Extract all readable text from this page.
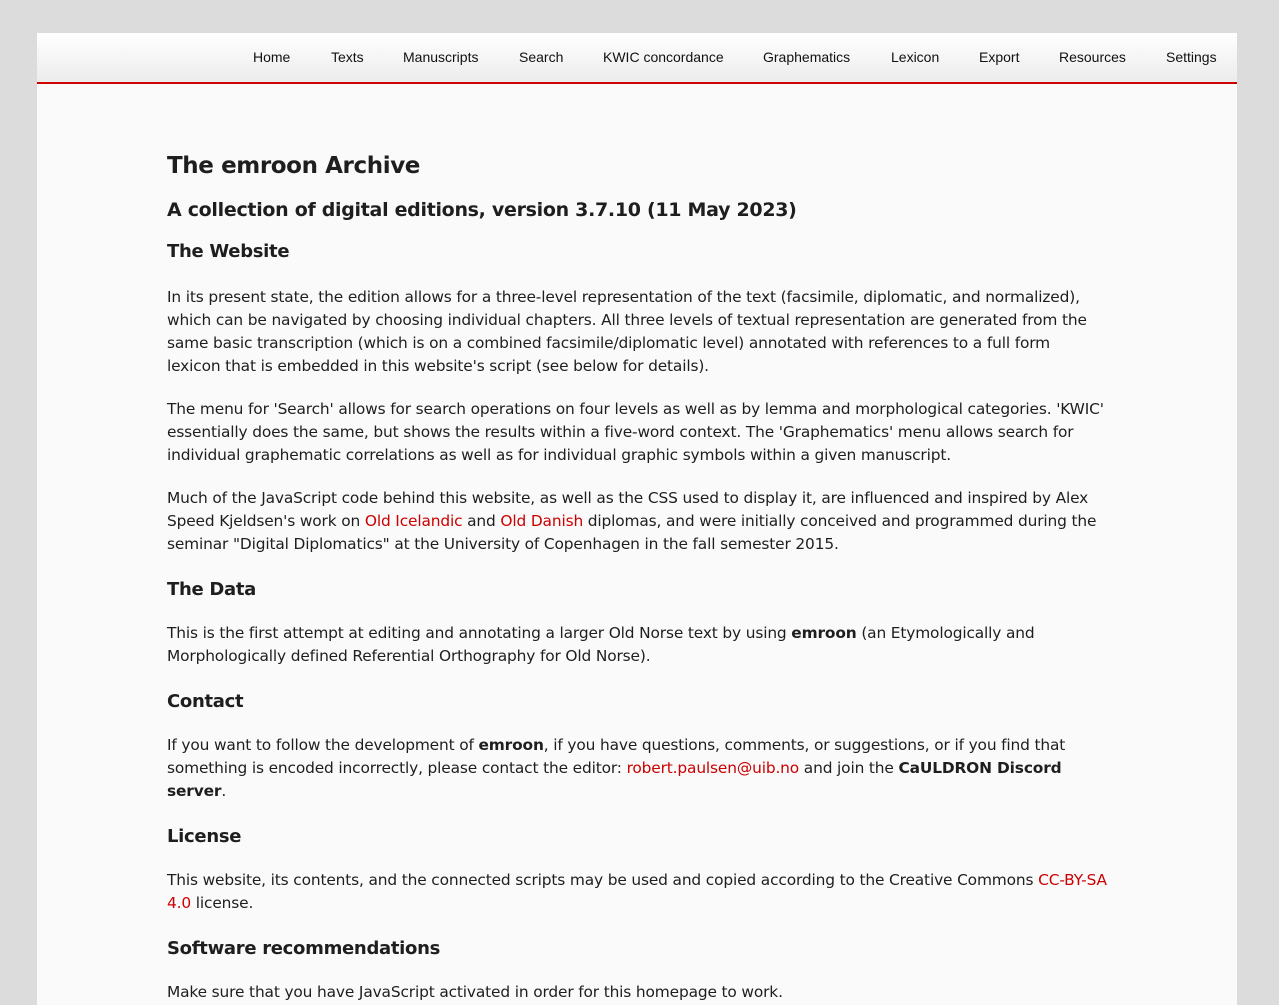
Home	Texts	Manuscripts	Search	KWIC concordance	Graphematics	Lexicon	Export	Resources	Settings
The emroon Archive
A collection of digital editions, version 3.7.10 (11 May 2023)
The Website

In its present state, the edition allows for a three-level representation of the text (facsimile, diplomatic, and normalized), which can be navigated by choosing individual chapters. All three levels of textual representation are generated from the same basic transcription (which is on a combined facsimile/diplomatic level) annotated with references to a full form lexicon that is embedded in this website's script (see below for details).

The menu for 'Search' allows for search operations on four levels as well as by lemma and morphological categories. 'KWIC' essentially does the same, but shows the results within a five-word context. The 'Graphematics' menu allows search for individual graphematic correlations as well as for individual graphic symbols within a given manuscript.

Much of the JavaScript code behind this website, as well as the CSS used to display it, are influenced and inspired by Alex Speed Kjeldsen's work on Old Icelandic and Old Danish diplomas, and were initially conceived and programmed during the seminar "Digital Diplomatics" at the University of Copenhagen in the fall semester 2015.

The Data

This is the first attempt at editing and annotating a larger Old Norse text by using emroon (an Etymologically and Morphologically defined Referential Orthography for Old Norse).

Contact

If you want to follow the development of emroon, if you have questions, comments, or suggestions, or if you find that something is encoded incorrectly, please contact the editor: robert.paulsen@uib.no and join the CaULDRON Discord server.

License

This website, its contents, and the connected scripts may be used and copied according to the Creative Commons CC-BY-SA 4.0 license.

Software recommendations

Make sure that you have JavaScript activated in order for this homepage to work.
